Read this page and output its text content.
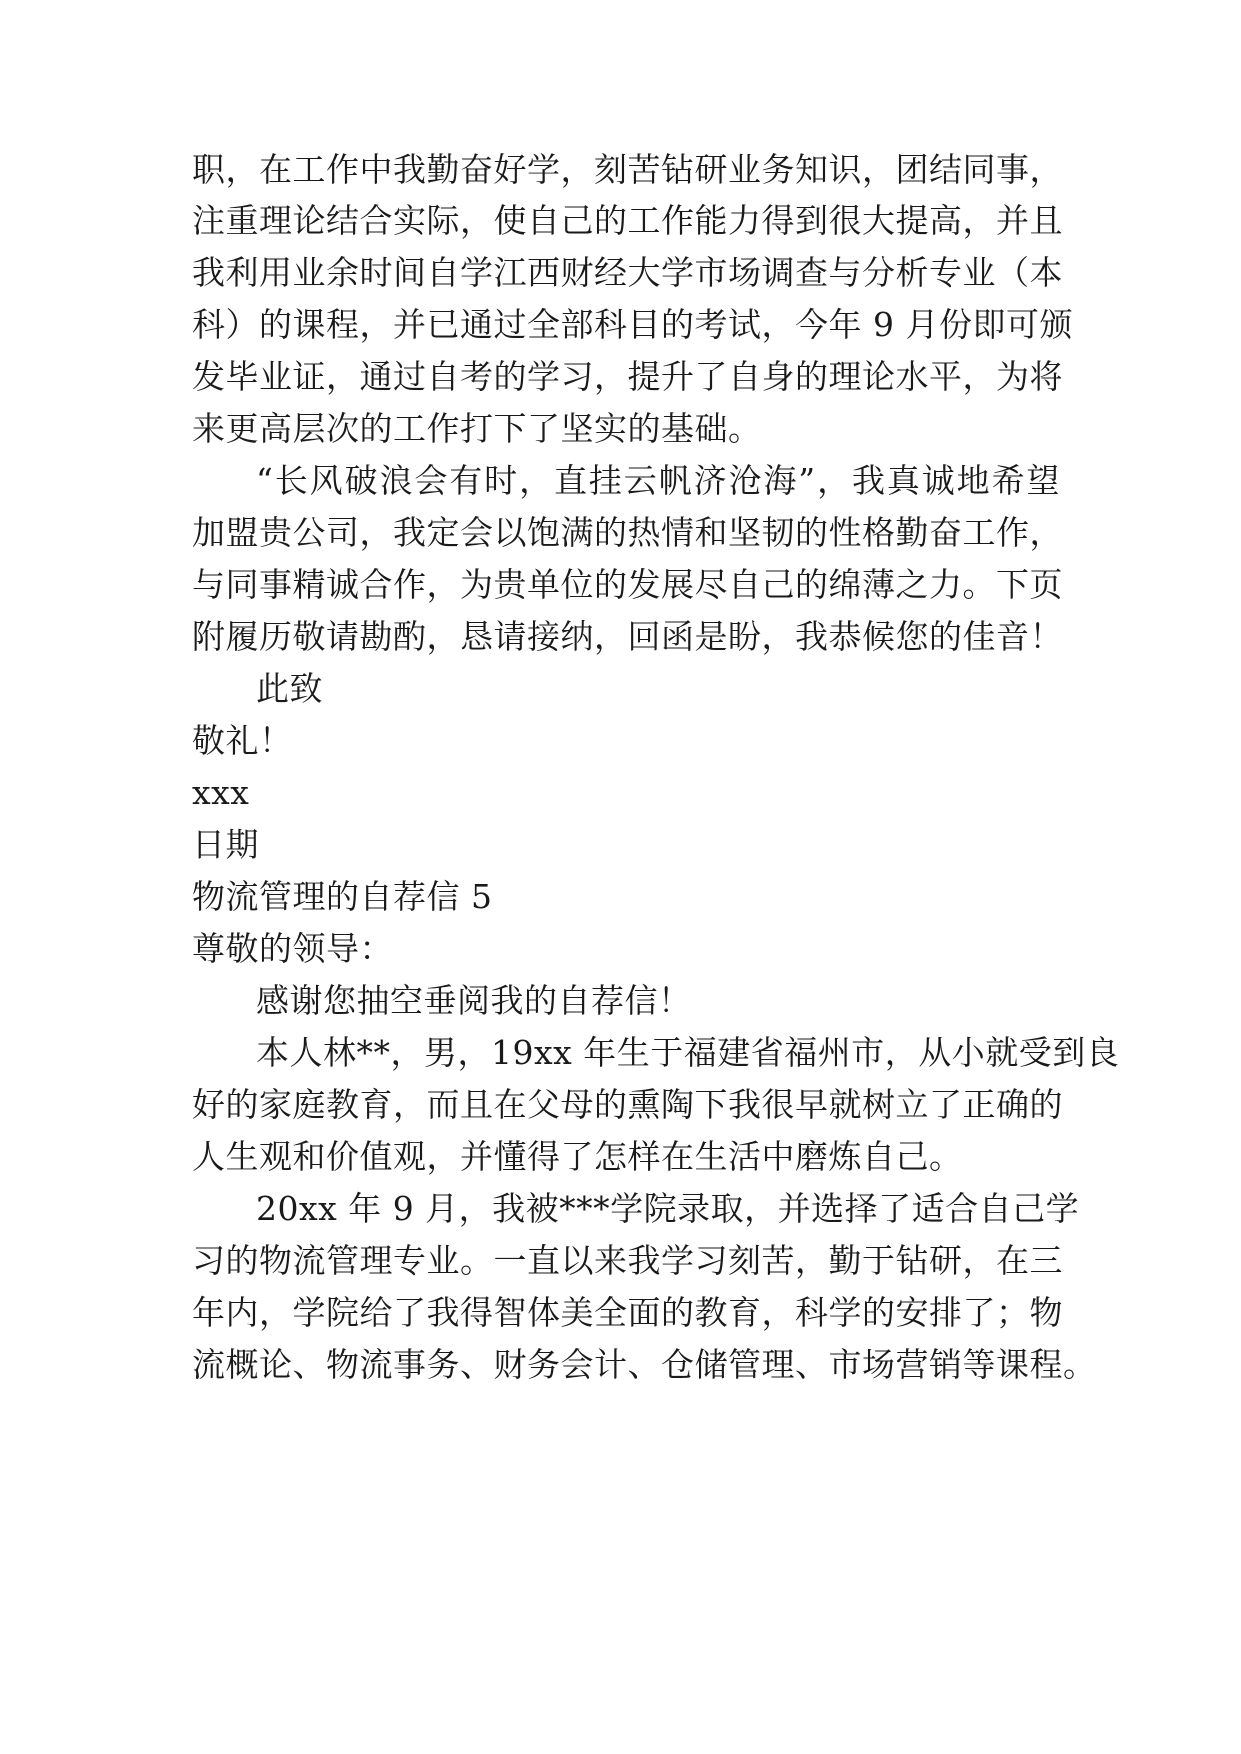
职，在工作中我勤奋好学，刻苦钻研业务知识，团结同事，
注重理论结合实际，使自己的工作能力得到很大提高，并且
我利用业余时间自学江西财经大学市场调查与分析专业（本
科）的课程，并已通过全部科目的考试，今年 9 月份即可颁
发毕业证，通过自考的学习，提升了自身的理论水平，为将
来更高层次的工作打下了坚实的基础。
“长风破浪会有时，直挂云帆济沧海”，我真诚地希望
加盟贵公司，我定会以饱满的热情和坚韧的性格勤奋工作，
与同事精诚合作，为贵单位的发展尽自己的绵薄之力。下页
附履历敬请勘酌，恳请接纳，回函是盼，我恭候您的佳音！
此致
敬礼！
xxx
日期
物流管理的自荐信 5
尊敬的领导：
感谢您抽空垂阅我的自荐信！
本人林**，男，19xx 年生于福建省福州市，从小就受到良
好的家庭教育，而且在父母的熏陶下我很早就树立了正确的
人生观和价值观，并懂得了怎样在生活中磨炼自己。
20xx 年 9 月，我被***学院录取，并选择了适合自己学
习的物流管理专业。一直以来我学习刻苦，勤于钻研，在三
年内，学院给了我得智体美全面的教育，科学的安排了；物
流概论、物流事务、财务会计、仓储管理、市场营销等课程。
